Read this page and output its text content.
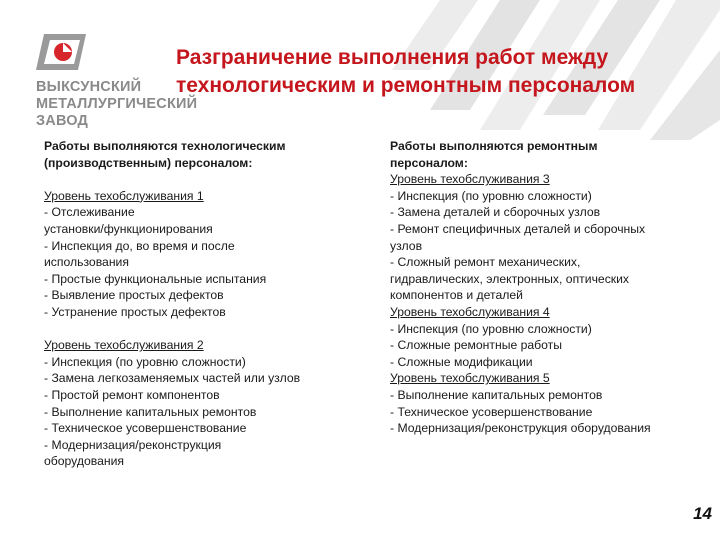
ВЫКСУНСКИЙ
МЕТАЛЛУРГИЧЕСКИЙ
ЗАВОД
Разграничение выполнения работ между
технологическим и ремонтным персоналом
Работы выполняются технологическим
(производственным) персоналом:
Уровень техобслуживания 1
- Отслеживание
установки/функционирования
- Инспекция до, во время и после
использования
- Простые функциональные испытания
- Выявление простых дефектов
- Устранение простых дефектов
Уровень техобслуживания 2
- Инспекция (по уровню сложности)
- Замена легкозаменяемых частей или узлов
- Простой ремонт компонентов
- Выполнение капитальных ремонтов
- Техническое усовершенствование
- Модернизация/реконструкция
оборудования
Работы выполняются ремонтным
персоналом:
Уровень техобслуживания 3
- Инспекция (по уровню сложности)
- Замена деталей и сборочных узлов
- Ремонт специфичных деталей и сборочных
узлов
- Сложный ремонт механических,
гидравлических, электронных, оптических
компонентов и деталей
Уровень техобслуживания 4
- Инспекция (по уровню сложности)
- Сложные ремонтные работы
- Сложные модификации
Уровень техобслуживания 5
- Выполнение капитальных ремонтов
- Техническое усовершенствование
- Модернизация/реконструкция оборудования
14
